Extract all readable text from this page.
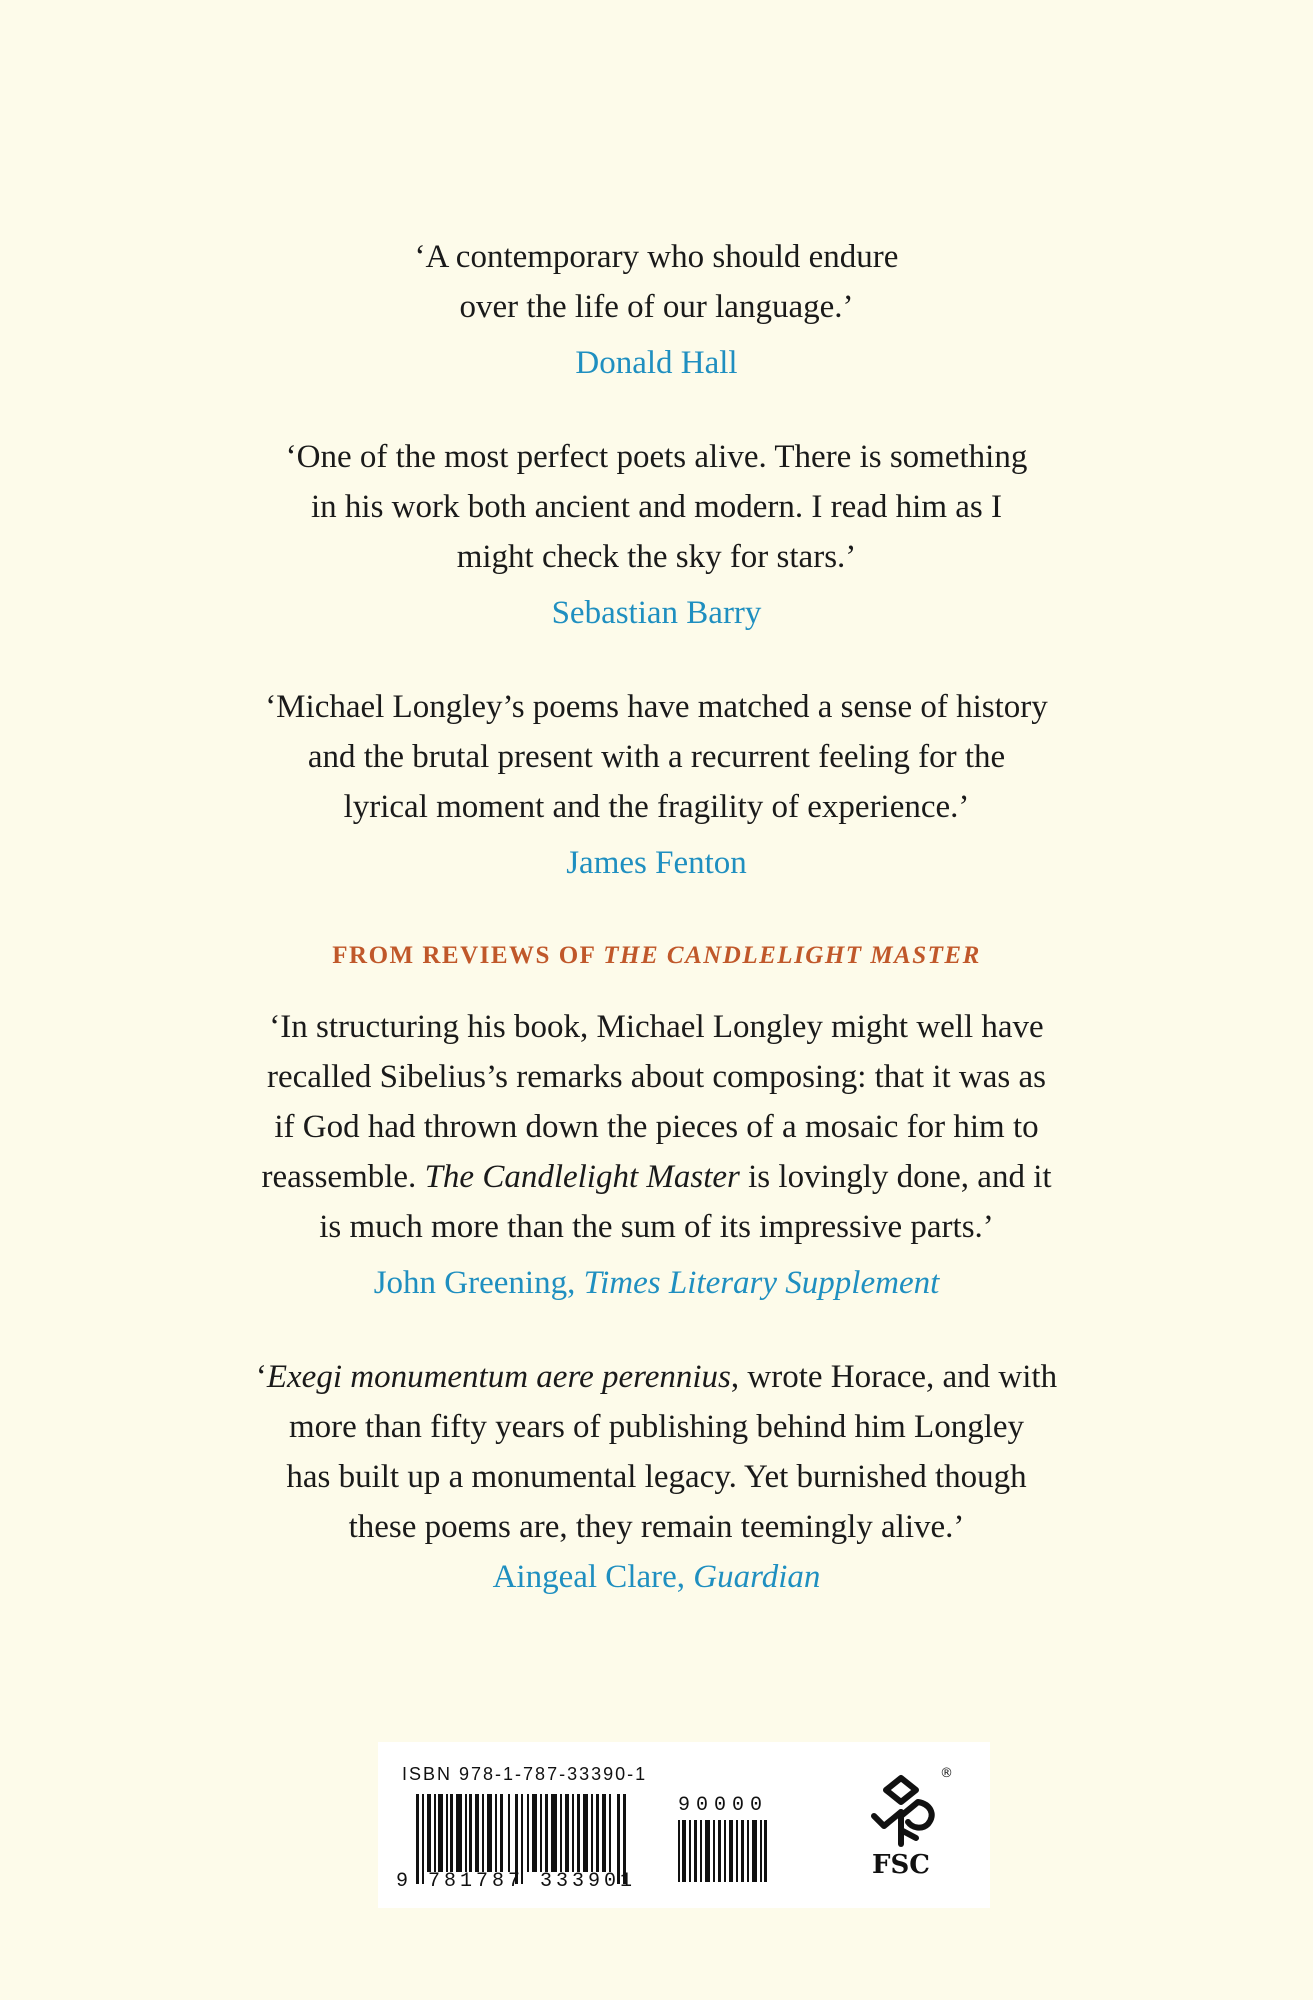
‘A contemporary who should endure
over the life of our language.’
Donald Hall
‘One of the most perfect poets alive. There is something
in his work both ancient and modern. I read him as I
might check the sky for stars.’
Sebastian Barry
‘Michael Longley’s poems have matched a sense of history
and the brutal present with a recurrent feeling for the
lyrical moment and the fragility of experience.’
James Fenton
FROM REVIEWS OF THE CANDLELIGHT MASTER
‘In structuring his book, Michael Longley might well have
recalled Sibelius’s remarks about composing: that it was as
if God had thrown down the pieces of a mosaic for him to
reassemble. The Candlelight Master is lovingly done, and it
is much more than the sum of its impressive parts.’
John Greening, Times Literary Supplement
‘Exegi monumentum aere perennius, wrote Horace, and with
more than fifty years of publishing behind him Longley
has built up a monumental legacy. Yet burnished though
these poems are, they remain teemingly alive.’
Aingeal Clare, Guardian
ISBN 978-1-787-33390-1
9 781787 333901
90000
FSC
®
